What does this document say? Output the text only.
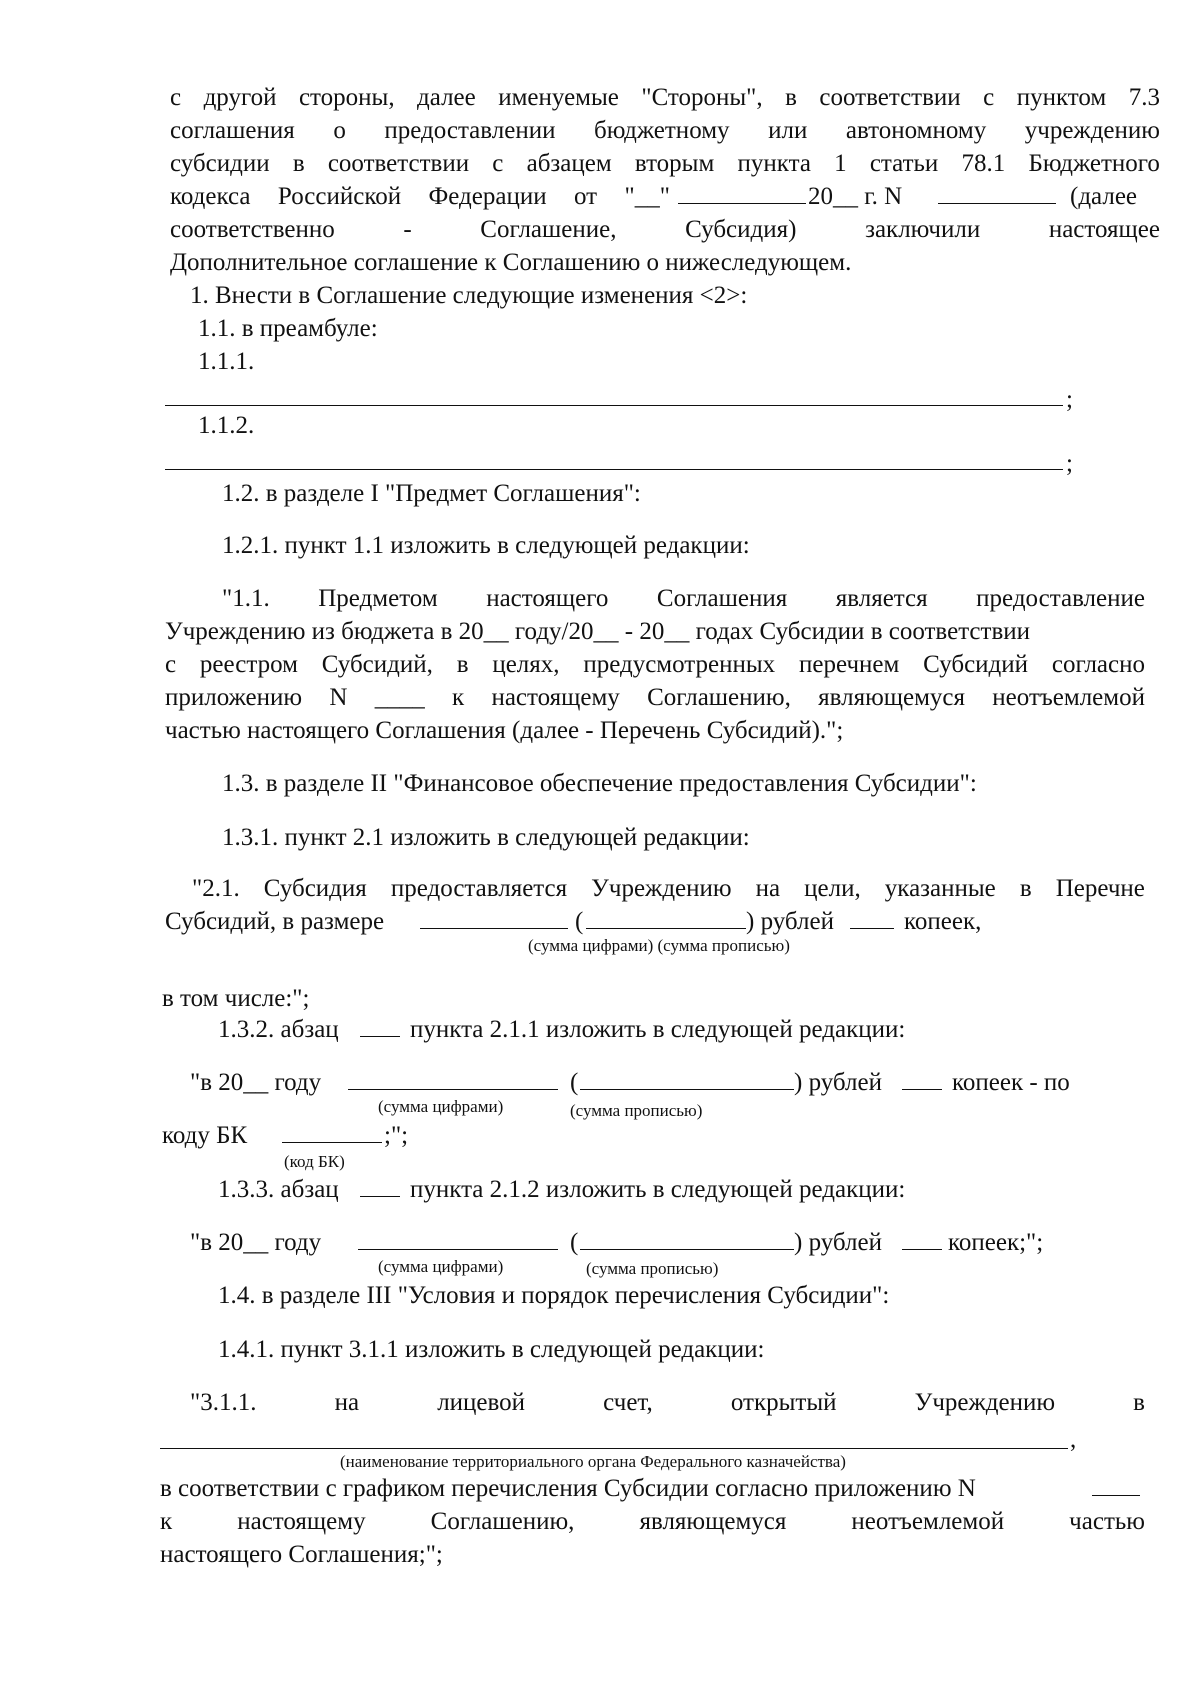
с другой стороны, далее именуемые "Стороны", в соответствии с пунктом 7.3
соглашения о предоставлении бюджетному или автономному учреждению
субсидии в соответствии с абзацем вторым пункта 1 статьи 78.1 Бюджетного
кодекса Российской Федерации от "__"	20__ г. N	(далее
соответственно	-	Соглашение,	Субсидия)	заключили	настоящее
Дополнительное соглашение к Соглашению о нижеследующем.
1. Внести в Соглашение следующие изменения <2>:
1.1. в преамбуле:
1.1.1.
;
1.1.2.
;
1.2. в разделе I "Предмет Соглашения":
1.2.1. пункт 1.1 изложить в следующей редакции:
"1.1. Предметом настоящего Соглашения является предоставление
Учреждению из бюджета в 20__ году/20__ - 20__ годах Субсидии в соответствии
с реестром Субсидий, в целях, предусмотренных перечнем Субсидий согласно
приложению N ____ к настоящему Соглашению, являющемуся неотъемлемой
частью настоящего Соглашения (далее - Перечень Субсидий).";
1.3. в разделе II "Финансовое обеспечение предоставления Субсидии":
1.3.1. пункт 2.1 изложить в следующей редакции:
"2.1. Субсидия предоставляется Учреждению на цели, указанные в Перечне
Субсидий, в размере	(	) рублей	копеек,
(сумма цифрами) (сумма прописью)
в том числе:";
1.3.2. абзац	пункта 2.1.1 изложить в следующей редакции:
"в 20__ году	(	) рублей	копеек - по
(сумма цифрами)	(сумма прописью)
коду БК	;";
(код БК)
1.3.3. абзац	пункта 2.1.2 изложить в следующей редакции:
"в 20__ году	(	) рублей	копеек;";
(сумма цифрами)	(сумма прописью)
1.4. в разделе III "Условия и порядок перечисления Субсидии":
1.4.1. пункт 3.1.1 изложить в следующей редакции:
"3.1.1.	на	лицевой	счет,	открытый	Учреждению	в
,
(наименование территориального органа Федерального казначейства)
в соответствии с графиком перечисления Субсидии согласно приложению N
к	настоящему	Соглашению,	являющемуся	неотъемлемой	частью
настоящего Соглашения;";
